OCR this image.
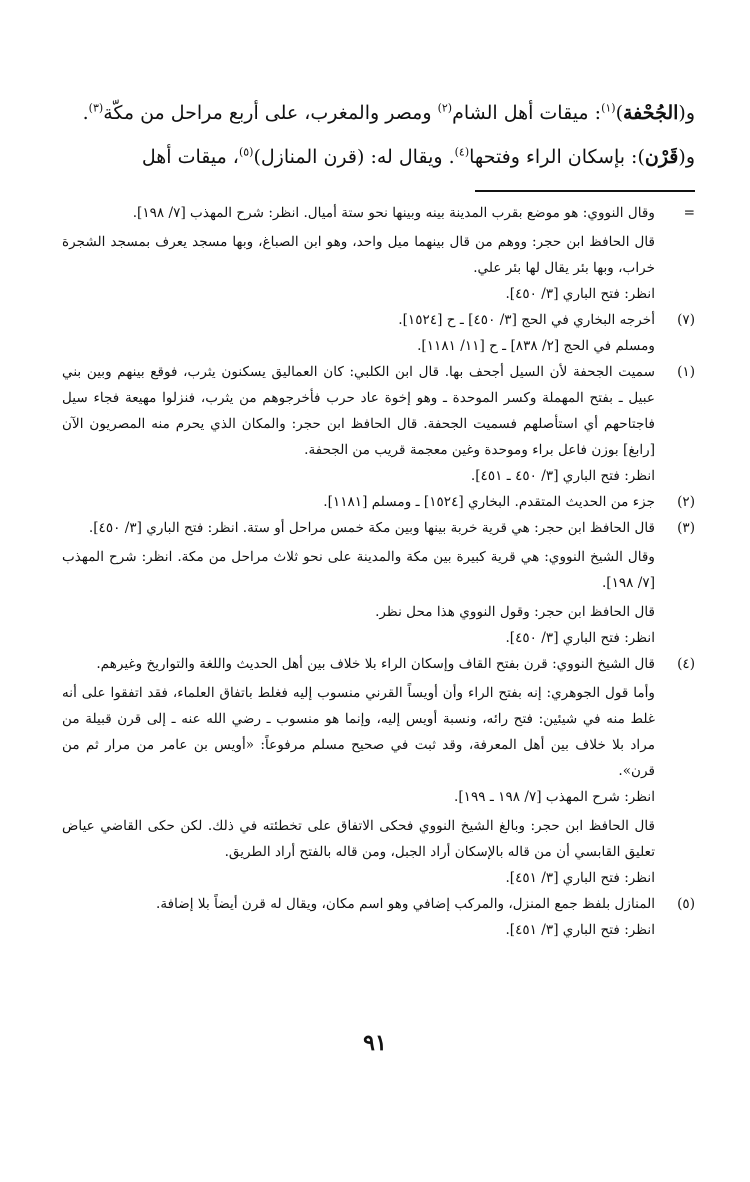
و(الجُحْفة)$^{(١)}$: ميقات أهل الشام$^{(٢)}$ ومصر والمغرب، على أربع مراحل من مكّة$^{(٣)}$.

و(قَرْن): بإسكان الراء وفتحها$^{(٤)}$. ويقال له: (قرن المنازل)$^{(٥)}$، ميقات أهل

=
وقال النووي: هو موضع بقرب المدينة بينه وبينها نحو ستة أميال. انظر: شرح المهذب [٧/ ١٩٨].
قال الحافظ ابن حجر: ووهم من قال بينهما ميل واحد، وهو ابن الصباغ، وبها مسجد يعرف بمسجد الشجرة خراب، وبها بئر يقال لها بئر علي.
انظر: فتح الباري [٣/ ٤٥٠].
(٧)
أخرجه البخاري في الحج [٣/ ٤٥٠] ـ ح [١٥٢٤].
ومسلم في الحج [٢/ ٨٣٨] ـ ح [١١/ ١١٨١].
(١)
سميت الجحفة لأن السيل أجحف بها. قال ابن الكلبي: كان العماليق يسكنون يثرب، فوقع بينهم وبين بني عبيل ـ بفتح المهملة وكسر الموحدة ـ وهو إخوة عاد حرب فأخرجوهم من يثرب، فنزلوا مهيعة فجاء سيل فاجتاحهم أي استأصلهم فسميت الجحفة. قال الحافظ ابن حجر: والمكان الذي يحرم منه المصريون الآن [رابغ] بوزن فاعل براء وموحدة وغين معجمة قريب من الجحفة.
انظر: فتح الباري [٣/ ٤٥٠ ـ ٤٥١].
(٢)
جزء من الحديث المتقدم. البخاري [١٥٢٤] ـ ومسلم [١١٨١].
(٣)
قال الحافظ ابن حجر: هي قرية خربة بينها وبين مكة خمس مراحل أو ستة. انظر: فتح الباري [٣/ ٤٥٠].
وقال الشيخ النووي: هي قرية كبيرة بين مكة والمدينة على نحو ثلاث مراحل من مكة. انظر: شرح المهذب [٧/ ١٩٨].
قال الحافظ ابن حجر: وقول النووي هذا محل نظر.
انظر: فتح الباري [٣/ ٤٥٠].
(٤)
قال الشيخ النووي: قرن بفتح القاف وإسكان الراء بلا خلاف بين أهل الحديث واللغة والتواريخ وغيرهم.
وأما قول الجوهري: إنه بفتح الراء وأن أويساً القرني منسوب إليه فغلط باتفاق العلماء، فقد اتفقوا على أنه غلط منه في شيئين: فتح رائه، ونسبة أويس إليه، وإنما هو منسوب ـ رضي الله عنه ـ إلى قرن قبيلة من مراد بلا خلاف بين أهل المعرفة، وقد ثبت في صحيح مسلم مرفوعاً: «أويس بن عامر من مرار ثم من قرن».
انظر: شرح المهذب [٧/ ١٩٨ ـ ١٩٩].
قال الحافظ ابن حجر: وبالغ الشيخ النووي فحكى الاتفاق على تخطئته في ذلك. لكن حكى القاضي عياض تعليق القابسي أن من قاله بالإسكان أراد الجبل، ومن قاله بالفتح أراد الطريق.
انظر: فتح الباري [٣/ ٤٥١].
(٥)
المنازل بلفظ جمع المنزل، والمركب إضافي وهو اسم مكان، ويقال له قرن أيضاً بلا إضافة.
انظر: فتح الباري [٣/ ٤٥١].
٩١
